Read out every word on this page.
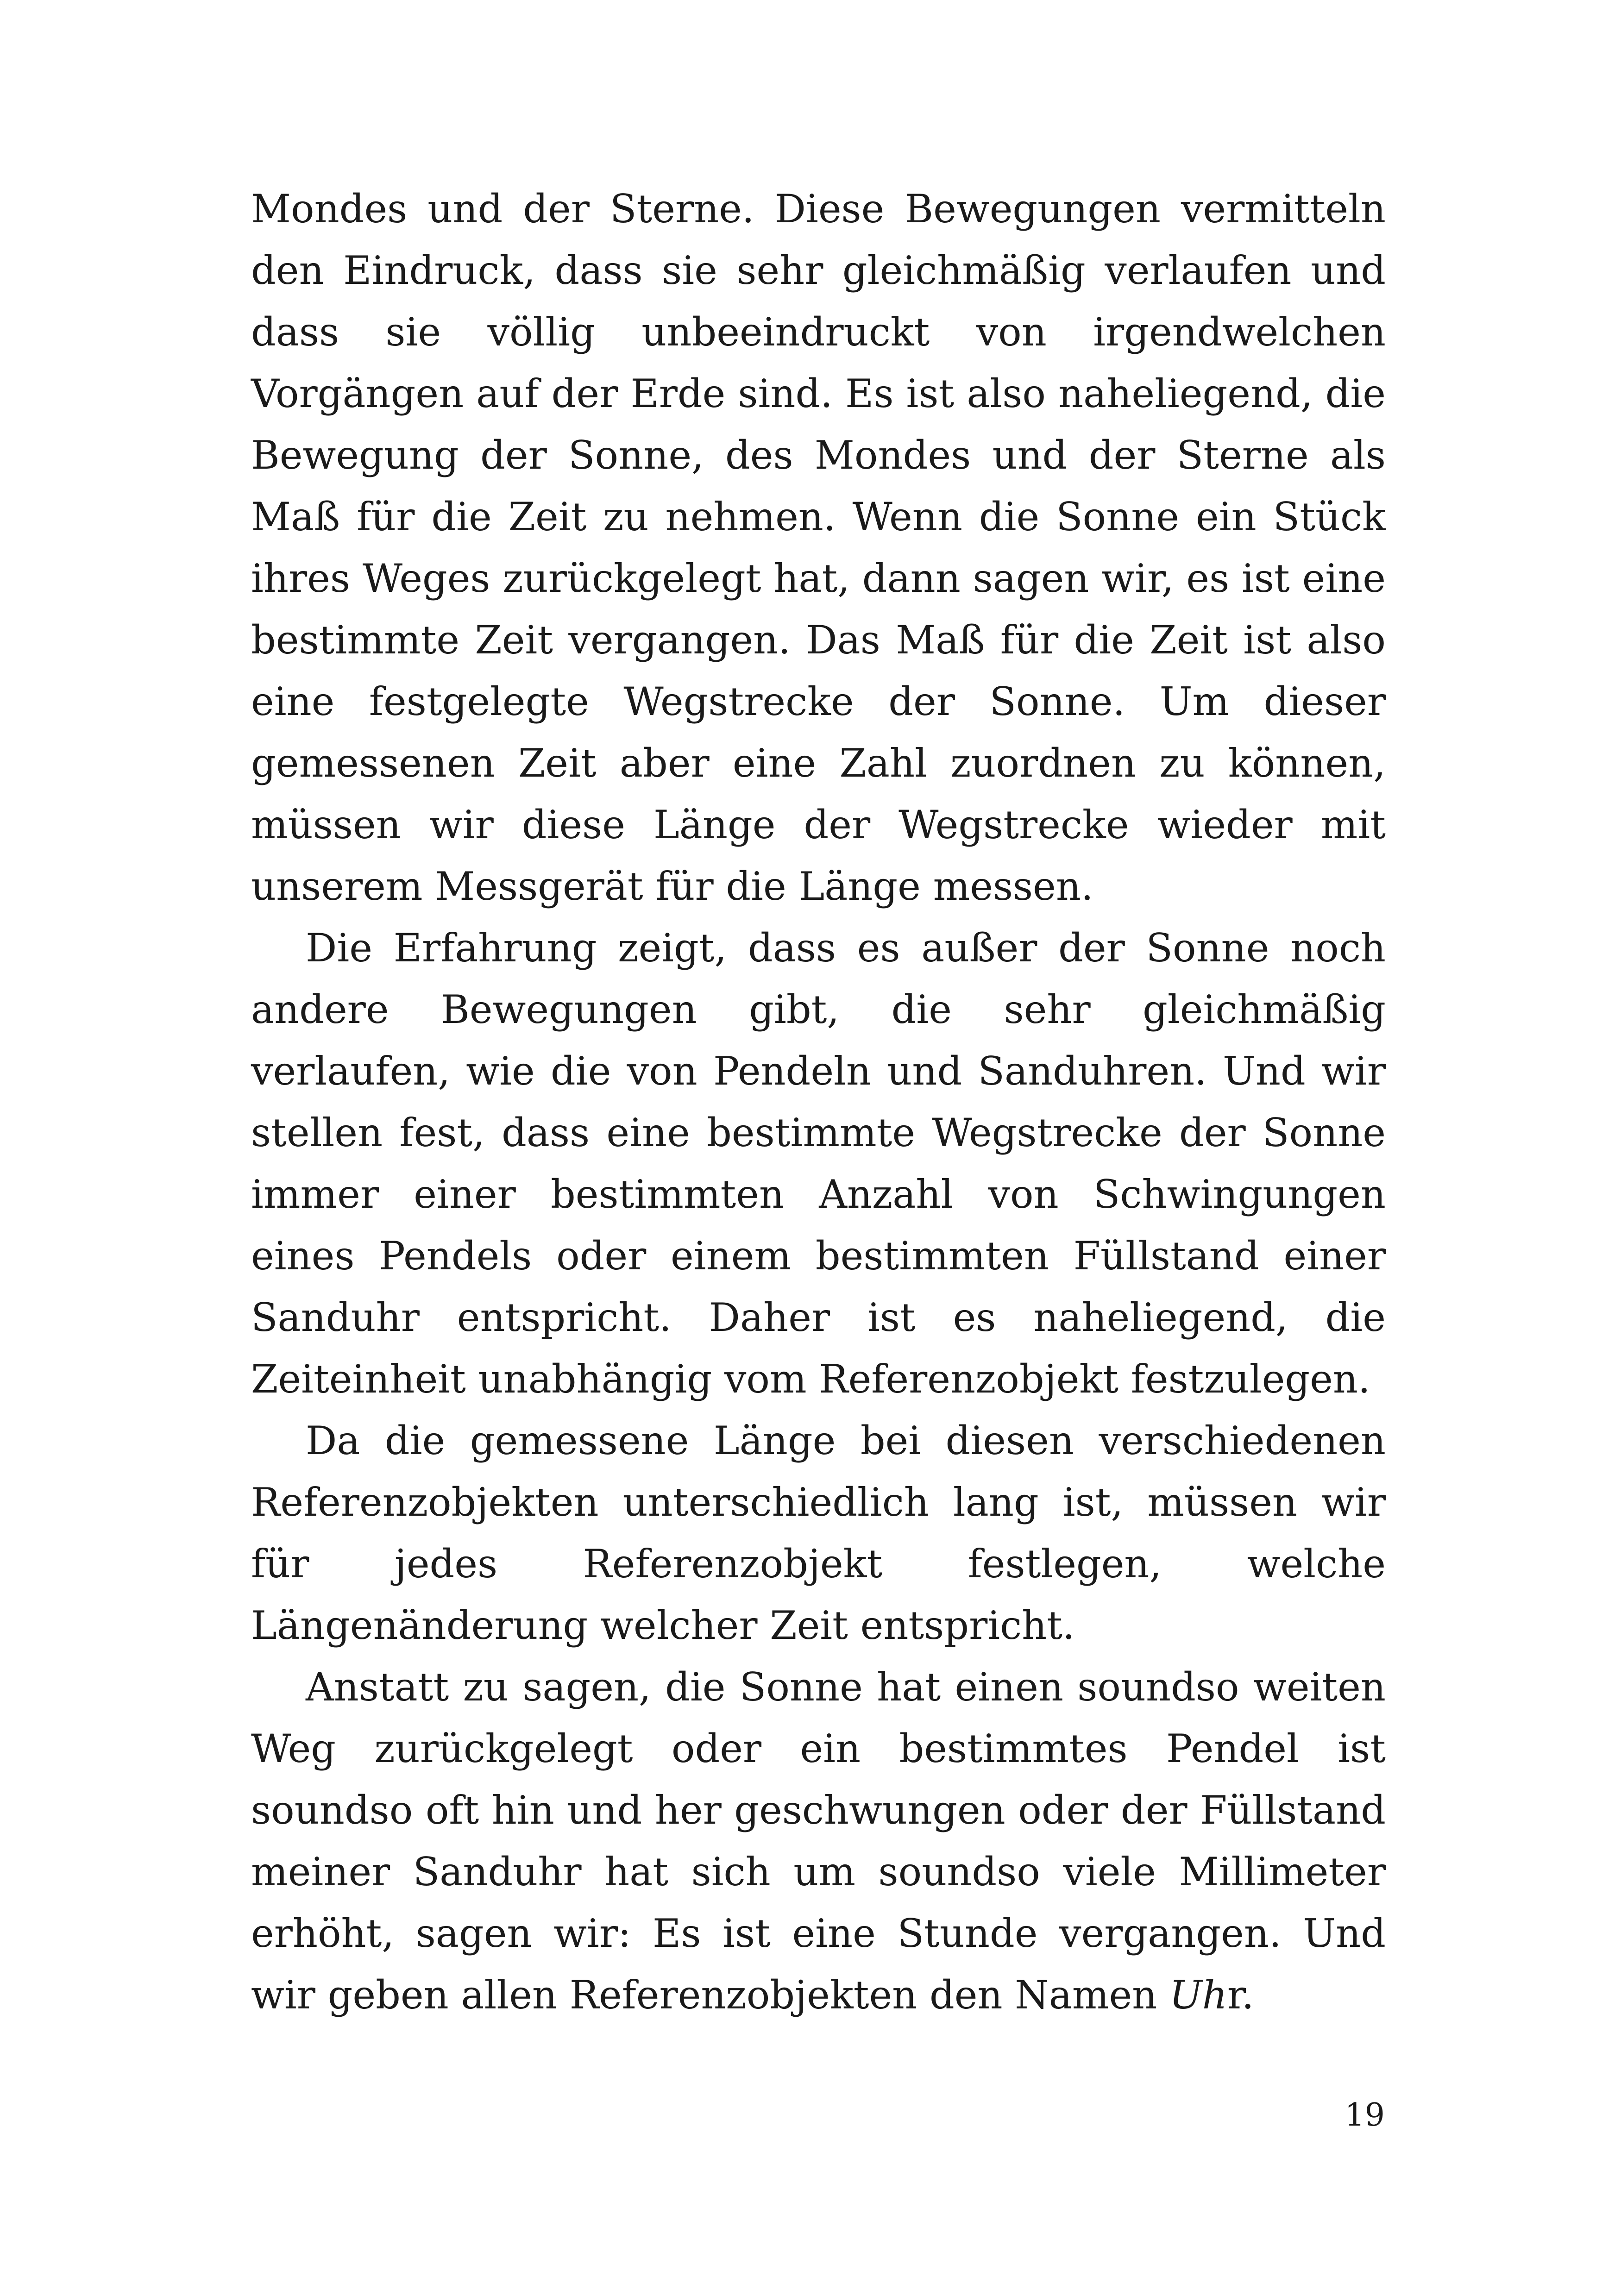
Mondes und der Sterne. Diese Bewegungen vermitteln den Eindruck, dass sie sehr gleichmäßig verlaufen und dass sie völlig unbeeindruckt von irgendwelchen Vorgängen auf der Erde sind. Es ist also naheliegend, die Bewegung der Sonne, des Mondes und der Sterne als Maß für die Zeit zu nehmen. Wenn die Sonne ein Stück ihres Weges zurückgelegt hat, dann sagen wir, es ist eine bestimmte Zeit vergangen. Das Maß für die Zeit ist also eine festgelegte Wegstrecke der Sonne. Um dieser gemessenen Zeit aber eine Zahl zuordnen zu können, müssen wir diese Länge der Wegstrecke wieder mit unserem Messgerät für die Länge messen.

Die Erfahrung zeigt, dass es außer der Sonne noch andere Bewegungen gibt, die sehr gleichmäßig verlaufen, wie die von Pendeln und Sanduhren. Und wir stellen fest, dass eine bestimmte Wegstrecke der Sonne immer einer bestimmten Anzahl von Schwingungen eines Pendels oder einem bestimmten Füllstand einer Sanduhr entspricht. Daher ist es naheliegend, die Zeiteinheit unabhängig vom Referenzobjekt festzulegen.

Da die gemessene Länge bei diesen verschiedenen Referenzobjekten unterschiedlich lang ist, müssen wir für jedes Referenzobjekt festlegen, welche Längenänderung welcher Zeit entspricht.

Anstatt zu sagen, die Sonne hat einen soundso weiten Weg zurückgelegt oder ein bestimmtes Pendel ist soundso oft hin und her geschwungen oder der Füllstand meiner Sanduhr hat sich um soundso viele Millimeter erhöht, sagen wir: Es ist eine Stunde vergangen. Und wir geben allen Referenzobjekten den Namen Uhr.

19
